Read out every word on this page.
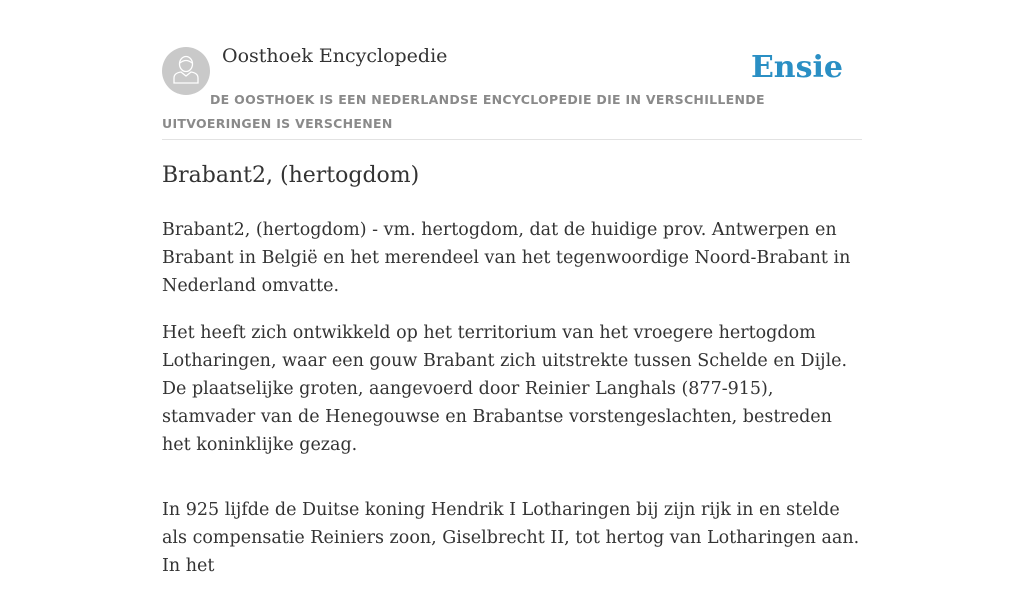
Oosthoek Encyclopedie	Ensie
DE OOSTHOEK IS EEN NEDERLANDSE ENCYCLOPEDIE DIE IN VERSCHILLENDE UITVOERINGEN IS VERSCHENEN
Brabant2, (hertogdom)

Brabant2, (hertogdom) - vm. hertogdom, dat de huidige prov. Antwerpen en Brabant in België en het merendeel van het tegenwoordige Noord-Brabant in Nederland omvatte.

Het heeft zich ontwikkeld op het territorium van het vroegere hertogdom Lotharingen, waar een gouw Brabant zich uitstrekte tussen Schelde en Dijle. De plaatselijke groten, aangevoerd door Reinier Langhals (877-915), stamvader van de Henegouwse en Brabantse vorstengeslachten, bestreden het koninklijke gezag.

In 925 lijfde de Duitse koning Hendrik I Lotharingen bij zijn rijk in en stelde als compensatie Reiniers zoon, Giselbrecht II, tot hertog van Lotharingen aan. In het
